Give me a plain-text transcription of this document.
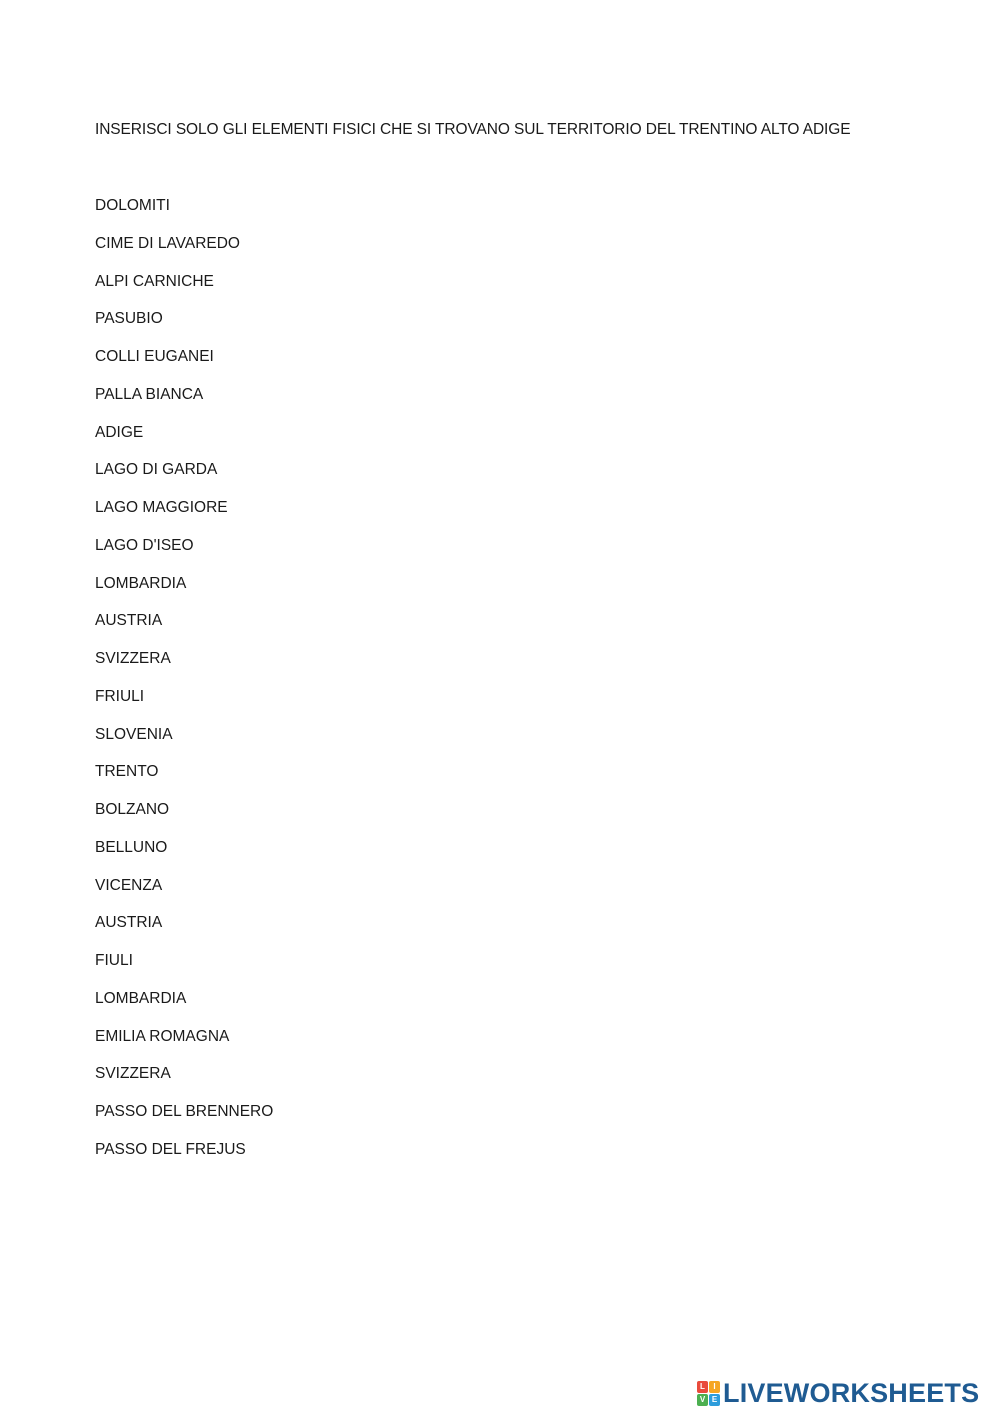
INSERISCI SOLO GLI ELEMENTI FISICI CHE SI TROVANO SUL TERRITORIO DEL TRENTINO ALTO ADIGE
DOLOMITI
CIME DI LAVAREDO
ALPI CARNICHE
PASUBIO
COLLI EUGANEI
PALLA BIANCA
ADIGE
LAGO DI GARDA
LAGO MAGGIORE
LAGO D'ISEO
LOMBARDIA
AUSTRIA
SVIZZERA
FRIULI
SLOVENIA
TRENTO
BOLZANO
BELLUNO
VICENZA
AUSTRIA
FIULI
LOMBARDIA
EMILIA ROMAGNA
SVIZZERA
PASSO DEL BRENNERO
PASSO DEL FREJUS
L	I
V E LIVEWORKSHEETS
